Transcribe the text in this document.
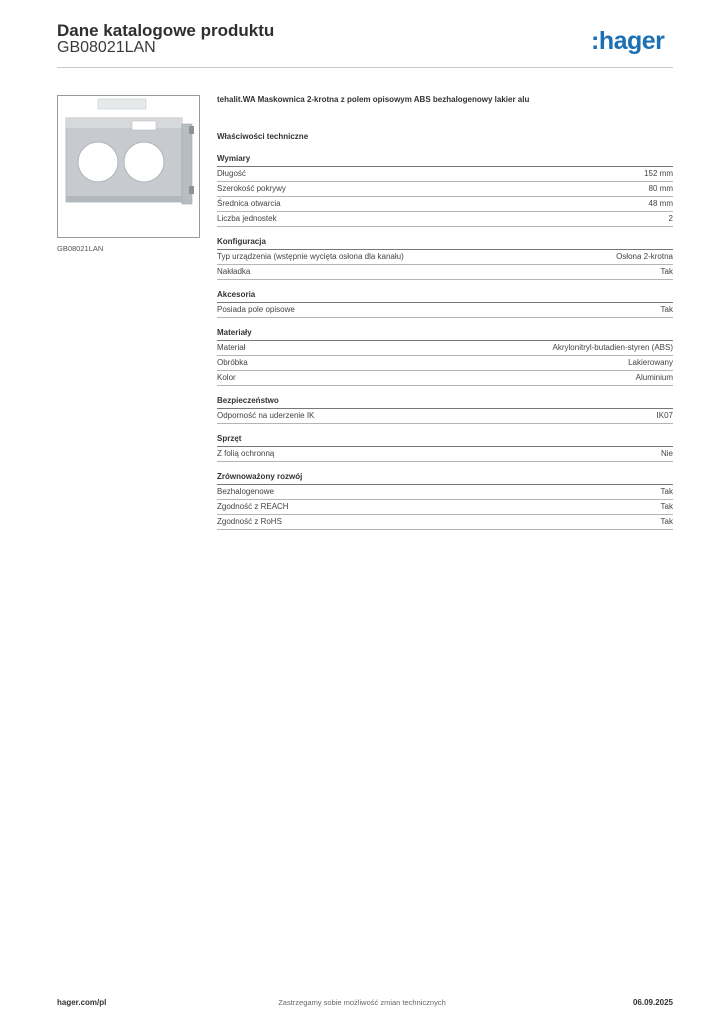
Dane katalogowe produktu
GB08021LAN	:hager
GB08021LAN
tehalit.WA Maskownica 2-krotna z polem opisowym ABS bezhalogenowy lakier alu
Właściwości techniczne
Wymiary
Długość	152 mm
Szerokość pokrywy	80 mm
Średnica otwarcia	48 mm
Liczba jednostek	2
Konfiguracja
Typ urządzenia (wstępnie wycięta osłona dla kanału)	Osłona 2-krotna
Nakładka	Tak
Akcesoria
Posiada pole opisowe	Tak
Materiały
Materiał	Akrylonitryl-butadien-styren (ABS)
Obróbka	Lakierowany
Kolor	Aluminium
Bezpieczeństwo
Odporność na uderzenie IK	IK07
Sprzęt
Z folią ochronną	Nie
Zrównoważony rozwój
Bezhalogenowe	Tak
Zgodność z REACH	Tak
Zgodność z RoHS	Tak
hager.com/pl	Zastrzegamy sobie możliwość zmian technicznych	06.09.2025
